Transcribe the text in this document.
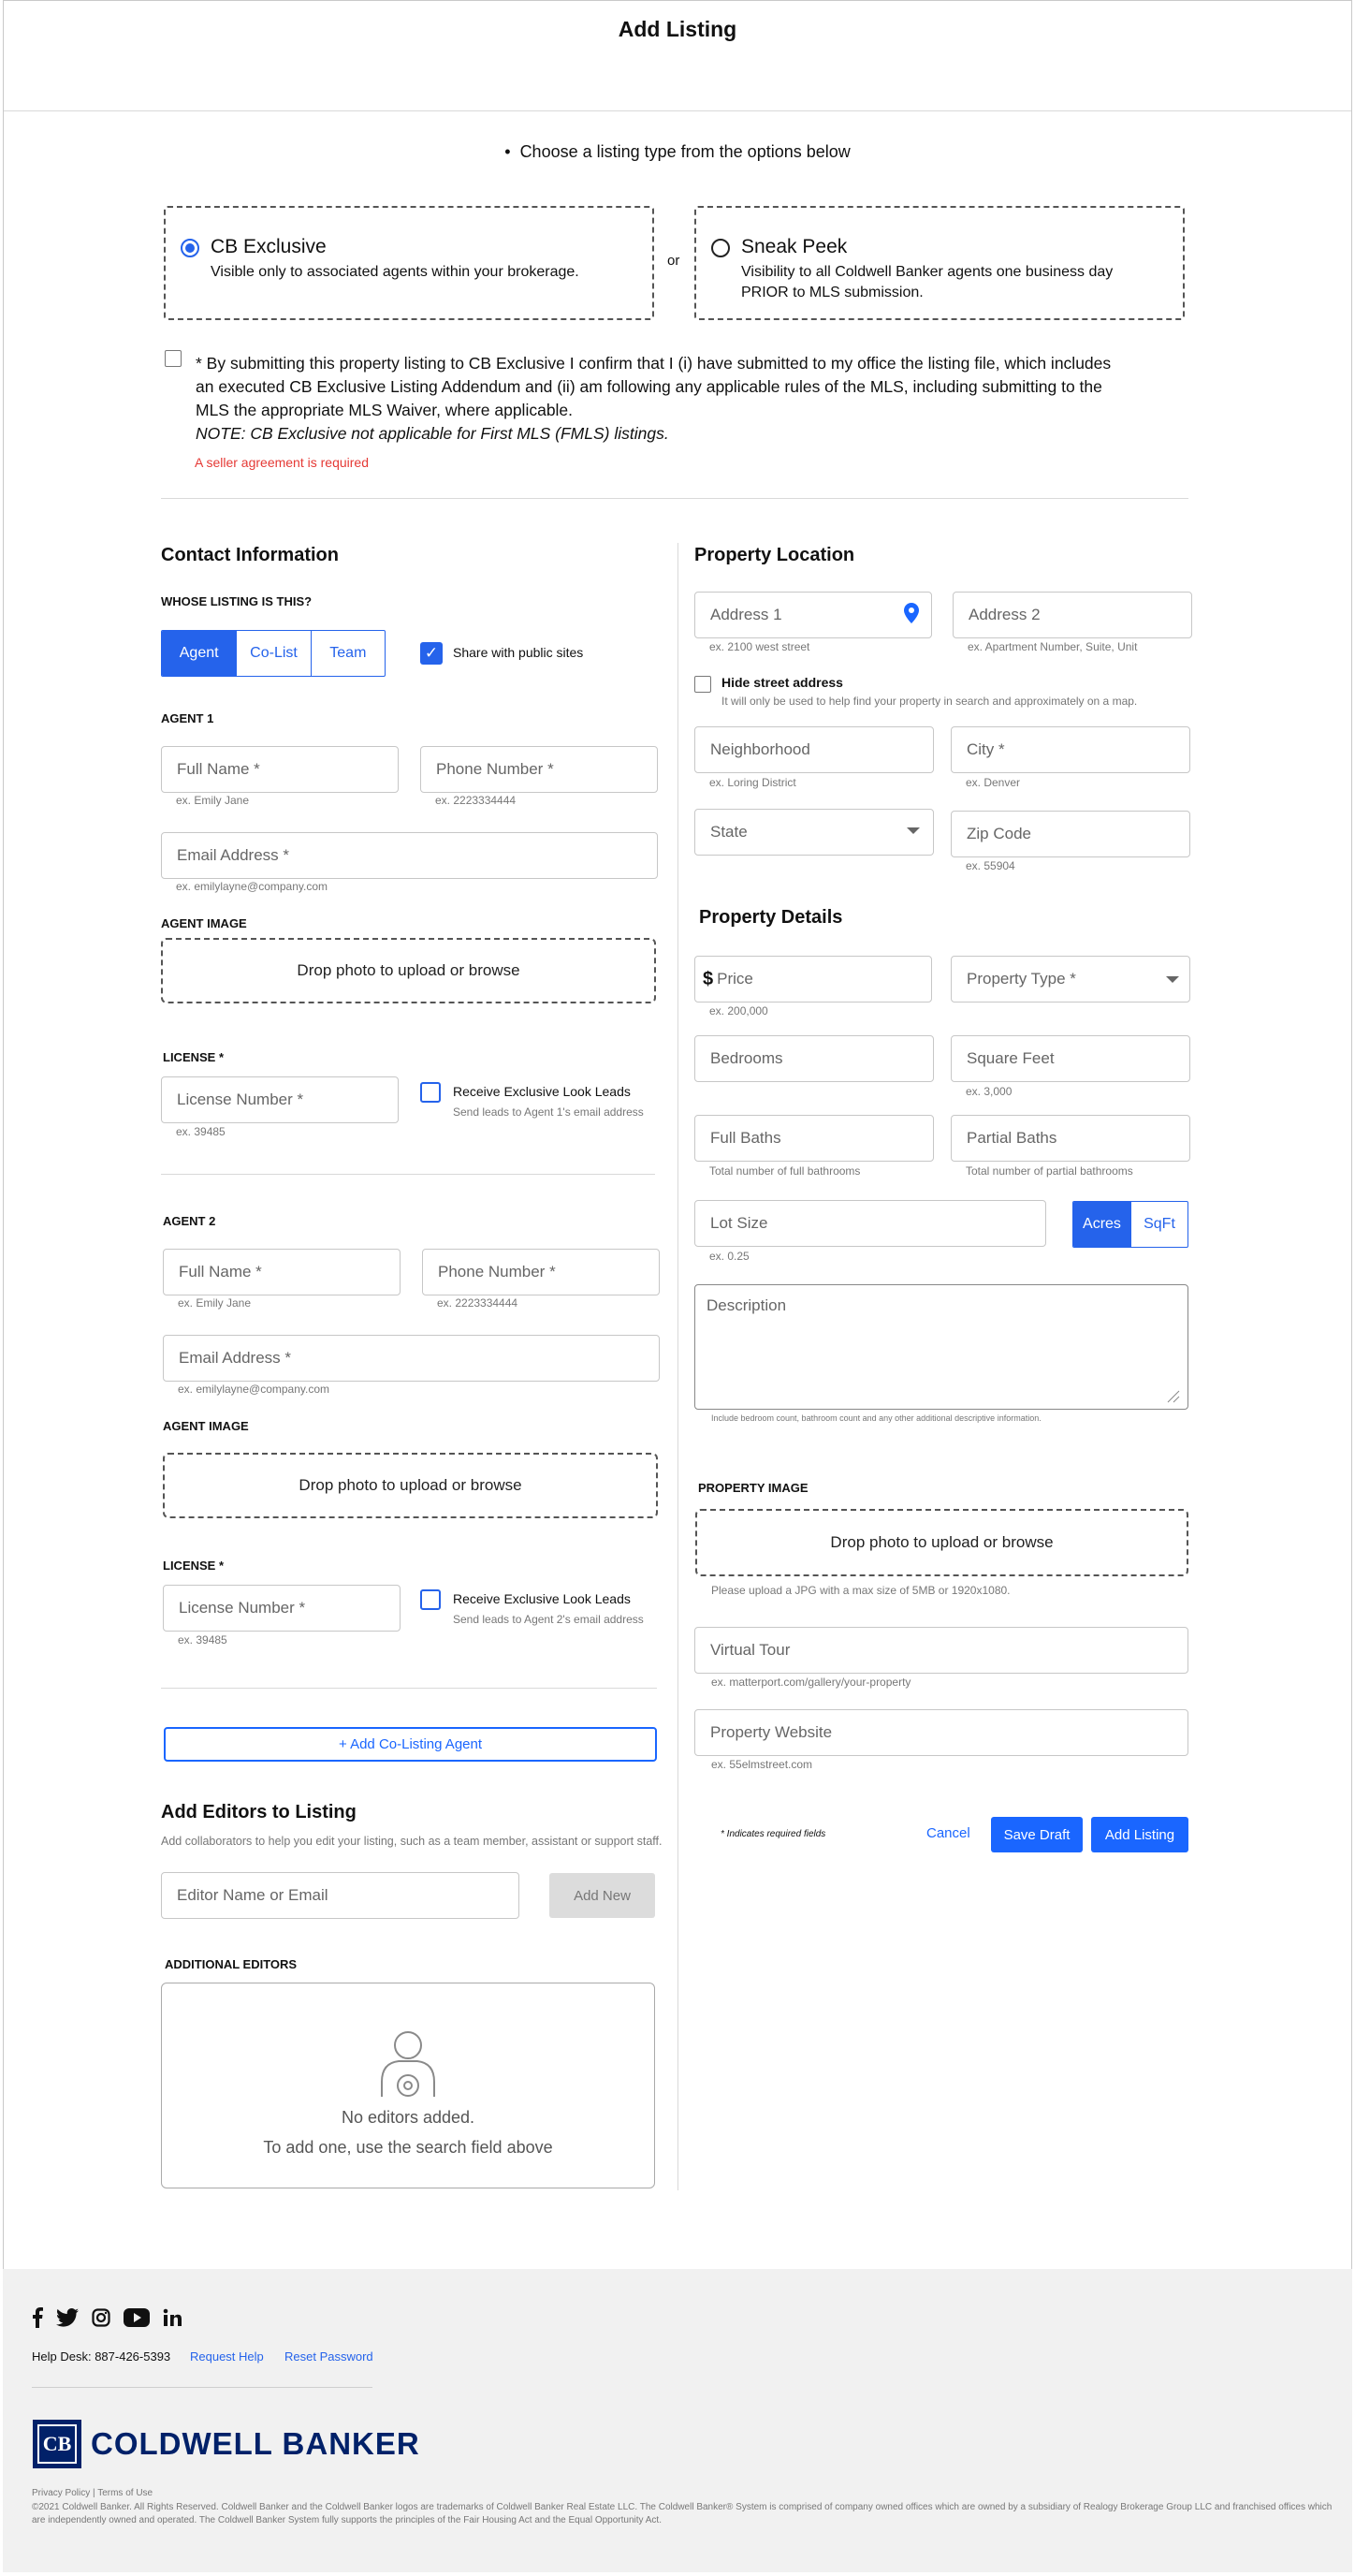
Add Listing
• Choose a listing type from the options below
CB Exclusive
Visible only to associated agents within your brokerage.
or
Sneak Peek
Visibility to all Coldwell Banker agents one business day
PRIOR to MLS submission.
* By submitting this property listing to CB Exclusive I confirm that I (i) have submitted to my office the listing file, which includes
an executed CB Exclusive Listing Addendum and (ii) am following any applicable rules of the MLS, including submitting to the
MLS the appropriate MLS Waiver, where applicable.
NOTE: CB Exclusive not applicable for First MLS (FMLS) listings.
A seller agreement is required
Contact Information
WHOSE LISTING IS THIS?
Agent	Co-List	Team	✓	Share with public sites
AGENT 1
Full Name *
ex. Emily Jane
Phone Number *
ex. 2223334444
Email Address *
ex. emilylayne@company.com
AGENT IMAGE
Drop photo to upload or browse
LICENSE *
License Number *
ex. 39485
Receive Exclusive Look Leads
Send leads to Agent 1's email address
AGENT 2
Full Name *
ex. Emily Jane
Phone Number *
ex. 2223334444
Email Address *
ex. emilylayne@company.com
AGENT IMAGE
Drop photo to upload or browse
LICENSE *
License Number *
ex. 39485
Receive Exclusive Look Leads
Send leads to Agent 2's email address
+ Add Co-Listing Agent
Add Editors to Listing
Add collaborators to help you edit your listing, such as a team member, assistant or support staff.
Editor Name or Email	Add New
ADDITIONAL EDITORS
No editors added.
To add one, use the search field above
Property Location
Address 1
ex. 2100 west street
Address 2
ex. Apartment Number, Suite, Unit
Hide street address
It will only be used to help find your property in search and approximately on a map.
Neighborhood
ex. Loring District
City *
ex. Denver
State	Zip Code
ex. 55904
Property Details
$ Price
ex. 200,000
Property Type *
Bedrooms	Square Feet
ex. 3,000
Full Baths
Total number of full bathrooms
Partial Baths
Total number of partial bathrooms
Lot Size
ex. 0.25
Acres	SqFt
Description
Include bedroom count, bathroom count and any other additional descriptive information.
PROPERTY IMAGE
Drop photo to upload or browse
Please upload a JPG with a max size of 5MB or 1920x1080.
Virtual Tour
ex. matterport.com/gallery/your-property
Property Website
ex. 55elmstreet.com
* Indicates required fields	Cancel	Save Draft	Add Listing
Help Desk: 887-426-5393 Request Help Reset Password
CB COLDWELL BANKER
Privacy Policy | Terms of Use
©2021 Coldwell Banker. All Rights Reserved. Coldwell Banker and the Coldwell Banker logos are trademarks of Coldwell Banker Real Estate LLC. The Coldwell Banker® System is comprised of company owned offices which are owned by a subsidiary of Realogy Brokerage Group LLC and franchised offices which
are independently owned and operated. The Coldwell Banker System fully supports the principles of the Fair Housing Act and the Equal Opportunity Act.
